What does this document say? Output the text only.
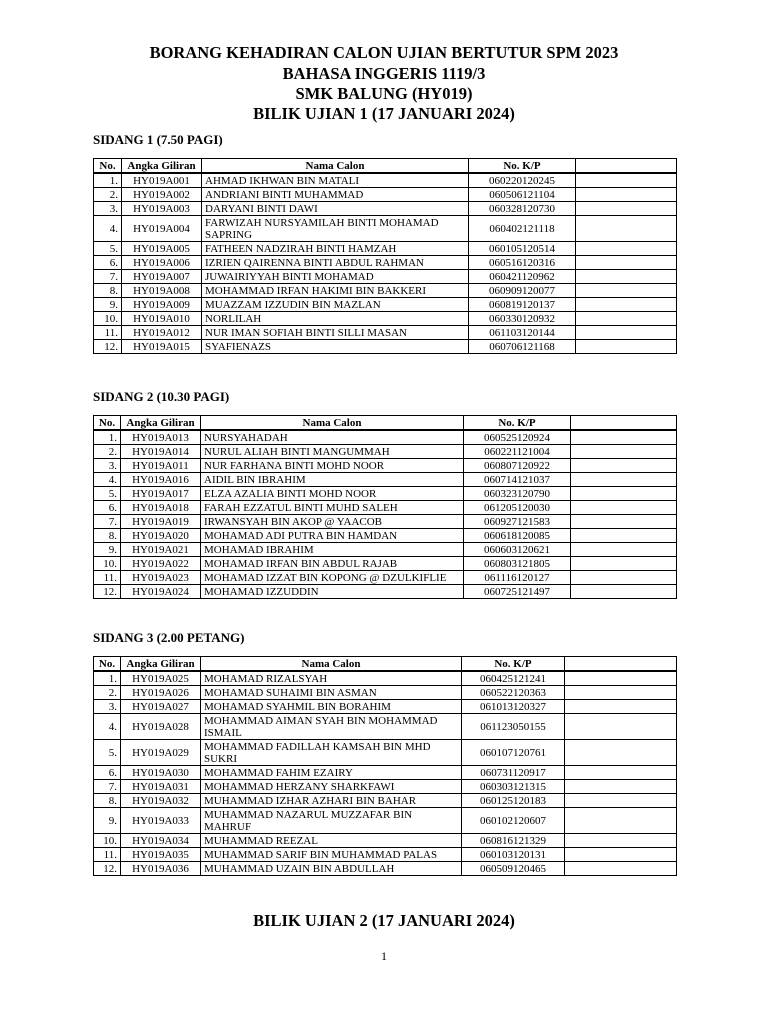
BORANG KEHADIRAN CALON UJIAN BERTUTUR SPM 2023
BAHASA INGGERIS 1119/3
SMK BALUNG (HY019)
BILIK UJIAN 1 (17 JANUARI 2024)
SIDANG 1 (7.50 PAGI)
No.	Angka Giliran	Nama Calon	No. K/P	
1.	HY019A001	AHMAD IKHWAN BIN MATALI	060220120245	
2.	HY019A002	ANDRIANI BINTI MUHAMMAD	060506121104	
3.	HY019A003	DARYANI BINTI DAWI	060328120730	
4.	HY019A004	FARWIZAH NURSYAMILAH BINTI MOHAMAD SAPRING	060402121118	
5.	HY019A005	FATHEEN NADZIRAH BINTI HAMZAH	060105120514	
6.	HY019A006	IZRIEN QAIRENNA BINTI ABDUL RAHMAN	060516120316	
7.	HY019A007	JUWAIRIYYAH BINTI MOHAMAD	060421120962	
8.	HY019A008	MOHAMMAD IRFAN HAKIMI BIN BAKKERI	060909120077	
9.	HY019A009	MUAZZAM IZZUDIN BIN MAZLAN	060819120137	
10.	HY019A010	NORLILAH	060330120932	
11.	HY019A012	NUR IMAN SOFIAH BINTI SILLI MASAN	061103120144	
12.	HY019A015	SYAFIENAZS	060706121168	
SIDANG 2 (10.30 PAGI)
No.	Angka Giliran	Nama Calon	No. K/P	
1.	HY019A013	NURSYAHADAH	060525120924	
2.	HY019A014	NURUL ALIAH BINTI MANGUMMAH	060221121004	
3.	HY019A011	NUR FARHANA BINTI MOHD NOOR	060807120922	
4.	HY019A016	AIDIL BIN IBRAHIM	060714121037	
5.	HY019A017	ELZA AZALIA BINTI MOHD NOOR	060323120790	
6.	HY019A018	FARAH EZZATUL BINTI MUHD SALEH	061205120030	
7.	HY019A019	IRWANSYAH BIN AKOP @ YAACOB	060927121583	
8.	HY019A020	MOHAMAD ADI PUTRA BIN HAMDAN	060618120085	
9.	HY019A021	MOHAMAD IBRAHIM	060603120621	
10.	HY019A022	MOHAMAD IRFAN BIN ABDUL RAJAB	060803121805	
11.	HY019A023	MOHAMAD IZZAT BIN KOPONG @ DZULKIFLIE	061116120127	
12.	HY019A024	MOHAMAD IZZUDDIN	060725121497	
SIDANG 3 (2.00 PETANG)
No.	Angka Giliran	Nama Calon	No. K/P	
1.	HY019A025	MOHAMAD RIZALSYAH	060425121241	
2.	HY019A026	MOHAMAD SUHAIMI BIN ASMAN	060522120363	
3.	HY019A027	MOHAMAD SYAHMIL BIN BORAHIM	061013120327	
4.	HY019A028	MOHAMMAD AIMAN SYAH BIN MOHAMMAD ISMAIL	061123050155	
5.	HY019A029	MOHAMMAD FADILLAH KAMSAH BIN MHD SUKRI	060107120761	
6.	HY019A030	MOHAMMAD FAHIM EZAIRY	060731120917	
7.	HY019A031	MOHAMMAD HERZANY SHARKFAWI	060303121315	
8.	HY019A032	MUHAMMAD IZHAR AZHARI BIN BAHAR	060125120183	
9.	HY019A033	MUHAMMAD NAZARUL MUZZAFAR BIN MAHRUF	060102120607	
10.	HY019A034	MUHAMMAD REEZAL	060816121329	
11.	HY019A035	MUHAMMAD SARIF BIN MUHAMMAD PALAS	060103120131	
12.	HY019A036	MUHAMMAD UZAIN BIN ABDULLAH	060509120465	
BILIK UJIAN 2 (17 JANUARI 2024)
1
